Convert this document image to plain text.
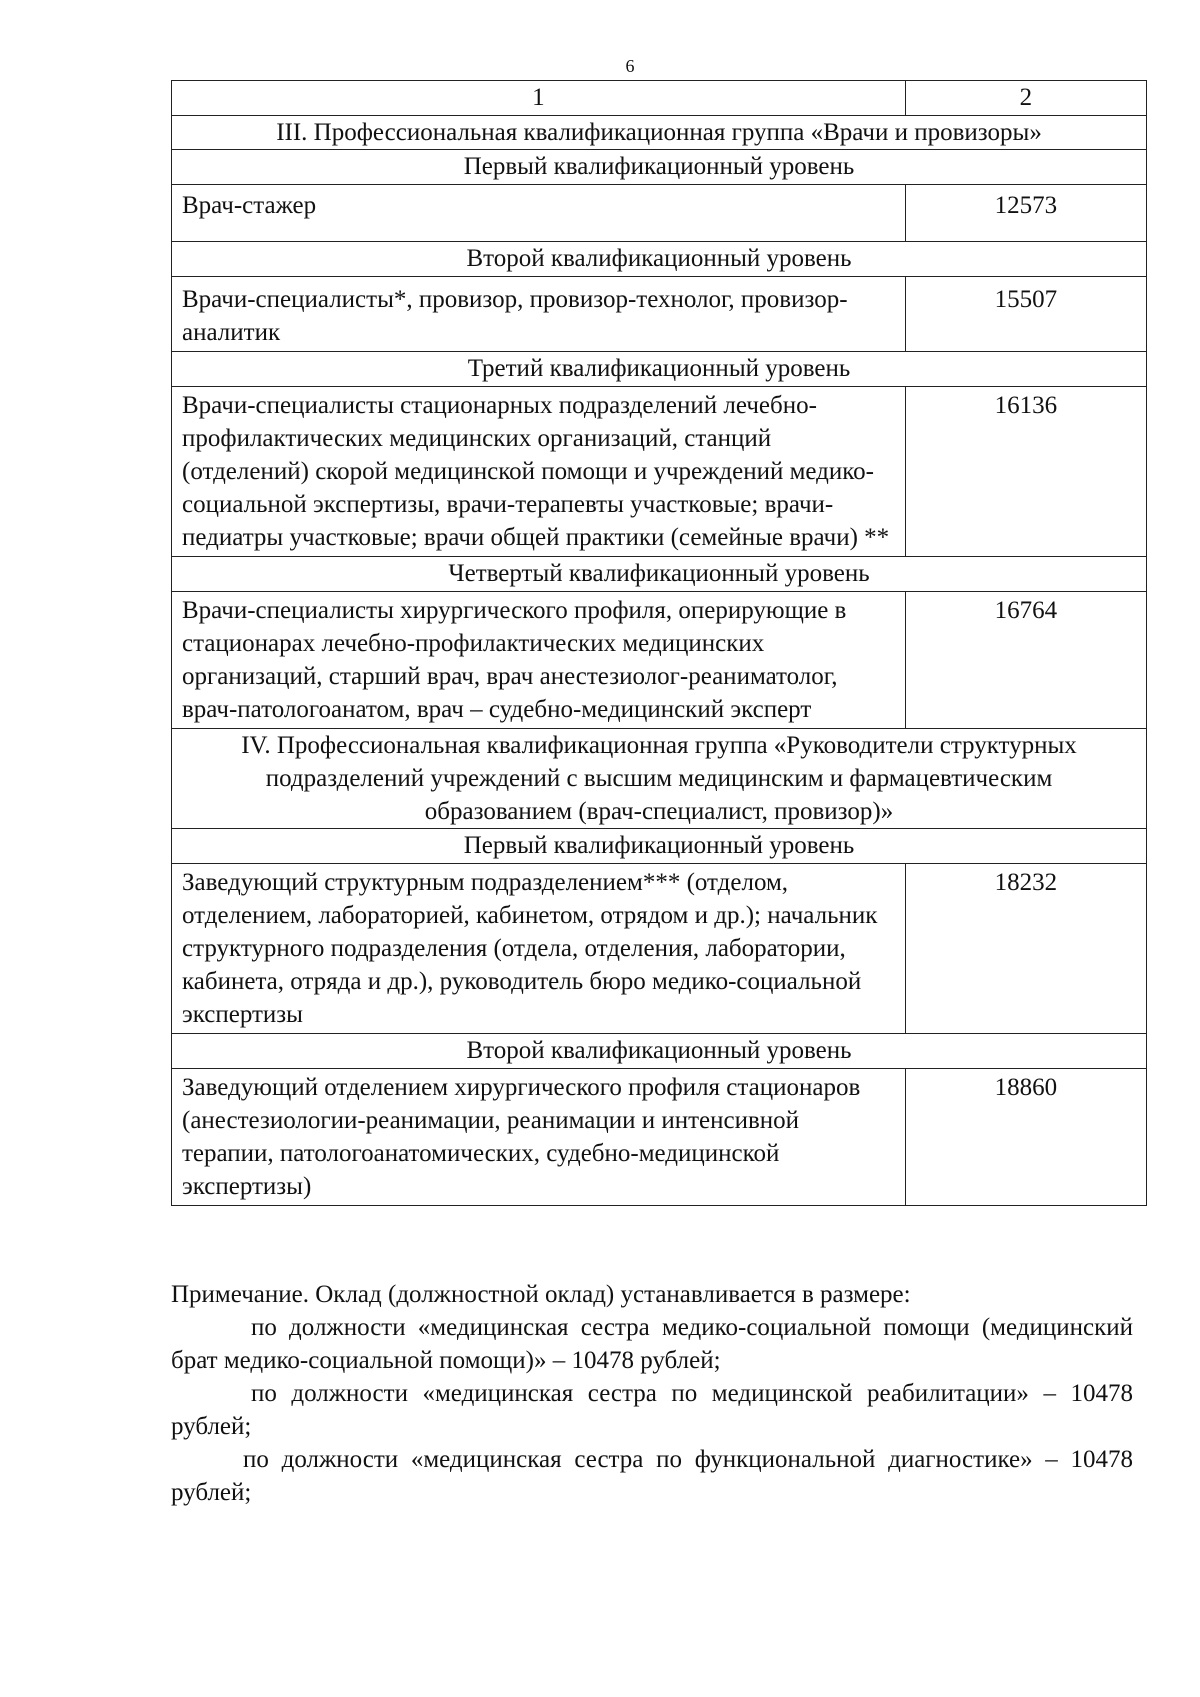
6
1	2
III. Профессиональная квалификационная группа «Врачи и провизоры»	
Первый квалификационный уровень	
Врач-стажер	12573
Второй квалификационный уровень	
Врачи-специалисты*, провизор, провизор-технолог, провизор-аналитик	15507
Третий квалификационный уровень	
Врачи-специалисты стационарных подразделений лечебно-профилактических медицинских организаций, станций (отделений) скорой медицинской помощи и учреждений медико-социальной экспертизы, врачи-терапевты участковые; врачи-педиатры участковые; врачи общей практики (семейные врачи) **	16136
Четвертый квалификационный уровень	
Врачи-специалисты хирургического профиля, оперирующие в стационарах лечебно-профилактических медицинских организаций, старший врач, врач анестезиолог-реаниматолог, врач-патологоанатом, врач – судебно-медицинский эксперт	16764
IV. Профессиональная квалификационная группа «Руководители структурных подразделений учреждений с высшим медицинским и фармацевтическим образованием (врач-специалист, провизор)»	
Первый квалификационный уровень	
Заведующий структурным подразделением*** (отделом, отделением, лабораторией, кабинетом, отрядом и др.); начальник структурного подразделения (отдела, отделения, лаборатории, кабинета, отряда и др.), руководитель бюро медико-социальной экспертизы	18232
Второй квалификационный уровень	
Заведующий отделением хирургического профиля стационаров (анестезиологии-реанимации, реанимации и интенсивной терапии, патологоанатомических, судебно-медицинской экспертизы)	18860

Примечание. Оклад (должностной оклад) устанавливается в размере:

по должности «медицинская сестра медико-социальной помощи (медицинский брат медико-социальной помощи)» – 10478 рублей;

по должности «медицинская сестра по медицинской реабилитации» – 10478 рублей;

по должности «медицинская сестра по функциональной диагностике» – 10478 рублей;
